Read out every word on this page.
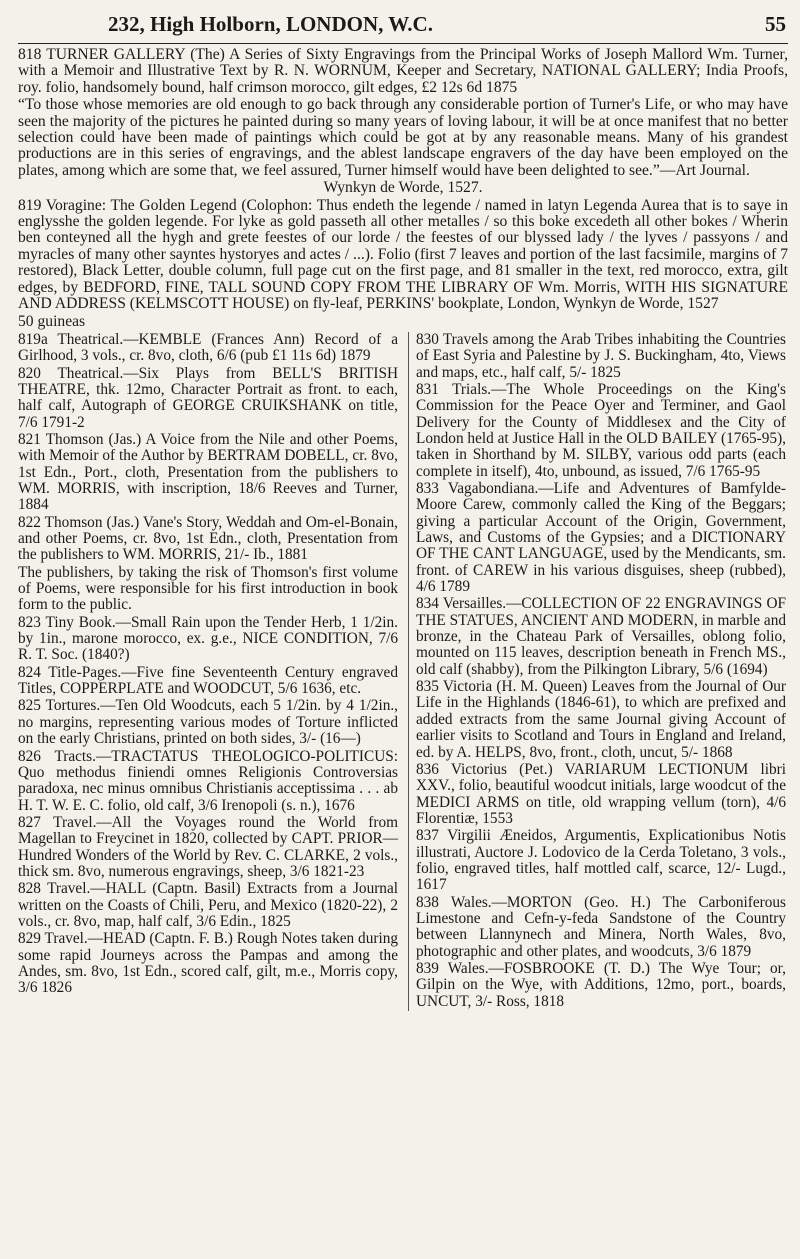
232, High Holborn, LONDON, W.C.	55

818 TURNER GALLERY (The) A Series of Sixty Engravings from the Principal Works of Joseph Mallord Wm. Turner, with a Memoir and Illustrative Text by R. N. WORNUM, Keeper and Secretary, NATIONAL GALLERY; India Proofs, roy. folio, handsomely bound, half crimson morocco, gilt edges, £2 12s 6d 1875

“To those whose memories are old enough to go back through any considerable portion of Turner's Life, or who may have seen the majority of the pictures he painted during so many years of loving labour, it will be at once manifest that no better selection could have been made of paintings which could be got at by any reasonable means. Many of his grandest productions are in this series of engravings, and the ablest landscape engravers of the day have been employed on the plates, among which are some that, we feel assured, Turner himself would have been delighted to see.”—Art Journal.

Wynkyn de Worde, 1527.

819 Voragine: The Golden Legend (Colophon: Thus endeth the legende / named in latyn Legenda Aurea that is to saye in englysshe the golden legende. For lyke as gold passeth all other metalles / so this boke excedeth all other bokes / Wherin ben conteyned all the hygh and grete feestes of our lorde / the feestes of our blyssed lady / the lyves / passyons / and myracles of many other sayntes hystoryes and actes / ...). Folio (first 7 leaves and portion of the last facsimile, margins of 7 restored), Black Letter, double column, full page cut on the first page, and 81 smaller in the text, red morocco, extra, gilt edges, by BEDFORD, FINE, TALL SOUND COPY FROM THE LIBRARY OF Wm. Morris, WITH HIS SIGNATURE AND ADDRESS (KELMSCOTT HOUSE) on fly-leaf, PERKINS' bookplate, London, Wynkyn de Worde, 1527

50 guineas

819a Theatrical.—KEMBLE (Frances Ann) Record of a Girlhood, 3 vols., cr. 8vo, cloth, 6/6 (pub £1 11s 6d) 1879

820 Theatrical.—Six Plays from BELL'S BRITISH THEATRE, thk. 12mo, Character Portrait as front. to each, half calf, Autograph of GEORGE CRUIKSHANK on title, 7/6 1791-2

821 Thomson (Jas.) A Voice from the Nile and other Poems, with Memoir of the Author by BERTRAM DOBELL, cr. 8vo, 1st Edn., Port., cloth, Presentation from the publishers to WM. MORRIS, with inscription, 18/6 Reeves and Turner, 1884

822 Thomson (Jas.) Vane's Story, Weddah and Om-el-Bonain, and other Poems, cr. 8vo, 1st Edn., cloth, Presentation from the publishers to WM. MORRIS, 21/- Ib., 1881

The publishers, by taking the risk of Thomson's first volume of Poems, were responsible for his first introduction in book form to the public.

823 Tiny Book.—Small Rain upon the Tender Herb, 1 1/2in. by 1in., marone morocco, ex. g.e., NICE CONDITION, 7/6 R. T. Soc. (1840?)

824 Title-Pages.—Five fine Seventeenth Century engraved Titles, COPPERPLATE and WOODCUT, 5/6 1636, etc.

825 Tortures.—Ten Old Woodcuts, each 5 1/2in. by 4 1/2in., no margins, representing various modes of Torture inflicted on the early Christians, printed on both sides, 3/- (16—)

826 Tracts.—TRACTATUS THEOLOGICO-POLITICUS: Quo methodus finiendi omnes Religionis Controversias paradoxa, nec minus omnibus Christianis acceptissima . . . ab H. T. W. E. C. folio, old calf, 3/6 Irenopoli (s. n.), 1676

827 Travel.—All the Voyages round the World from Magellan to Freycinet in 1820, collected by CAPT. PRIOR—Hundred Wonders of the World by Rev. C. CLARKE, 2 vols., thick sm. 8vo, numerous engravings, sheep, 3/6 1821-23

828 Travel.—HALL (Captn. Basil) Extracts from a Journal written on the Coasts of Chili, Peru, and Mexico (1820-22), 2 vols., cr. 8vo, map, half calf, 3/6 Edin., 1825

829 Travel.—HEAD (Captn. F. B.) Rough Notes taken during some rapid Journeys across the Pampas and among the Andes, sm. 8vo, 1st Edn., scored calf, gilt, m.e., Morris copy, 3/6 1826

830 Travels among the Arab Tribes inhabiting the Countries of East Syria and Palestine by J. S. Buckingham, 4to, Views and maps, etc., half calf, 5/- 1825

831 Trials.—The Whole Proceedings on the King's Commission for the Peace Oyer and Terminer, and Gaol Delivery for the County of Middlesex and the City of London held at Justice Hall in the OLD BAILEY (1765-95), taken in Shorthand by M. SILBY, various odd parts (each complete in itself), 4to, unbound, as issued, 7/6 1765-95

833 Vagabondiana.—Life and Adventures of Bamfylde-Moore Carew, commonly called the King of the Beggars; giving a particular Account of the Origin, Government, Laws, and Customs of the Gypsies; and a DICTIONARY OF THE CANT LANGUAGE, used by the Mendicants, sm. front. of CAREW in his various disguises, sheep (rubbed), 4/6 1789

834 Versailles.—COLLECTION OF 22 ENGRAVINGS OF THE STATUES, ANCIENT AND MODERN, in marble and bronze, in the Chateau Park of Versailles, oblong folio, mounted on 115 leaves, description beneath in French MS., old calf (shabby), from the Pilkington Library, 5/6 (1694)

835 Victoria (H. M. Queen) Leaves from the Journal of Our Life in the Highlands (1846-61), to which are prefixed and added extracts from the same Journal giving Account of earlier visits to Scotland and Tours in England and Ireland, ed. by A. HELPS, 8vo, front., cloth, uncut, 5/- 1868

836 Victorius (Pet.) VARIARUM LECTIONUM libri XXV., folio, beautiful woodcut initials, large woodcut of the MEDICI ARMS on title, old wrapping vellum (torn), 4/6 Florentiæ, 1553

837 Virgilii Æneidos, Argumentis, Explicationibus Notis illustrati, Auctore J. Lodovico de la Cerda Toletano, 3 vols., folio, engraved titles, half mottled calf, scarce, 12/- Lugd., 1617

838 Wales.—MORTON (Geo. H.) The Carboniferous Limestone and Cefn-y-feda Sandstone of the Country between Llannynech and Minera, North Wales, 8vo, photographic and other plates, and woodcuts, 3/6 1879

839 Wales.—FOSBROOKE (T. D.) The Wye Tour; or, Gilpin on the Wye, with Additions, 12mo, port., boards, UNCUT, 3/- Ross, 1818
